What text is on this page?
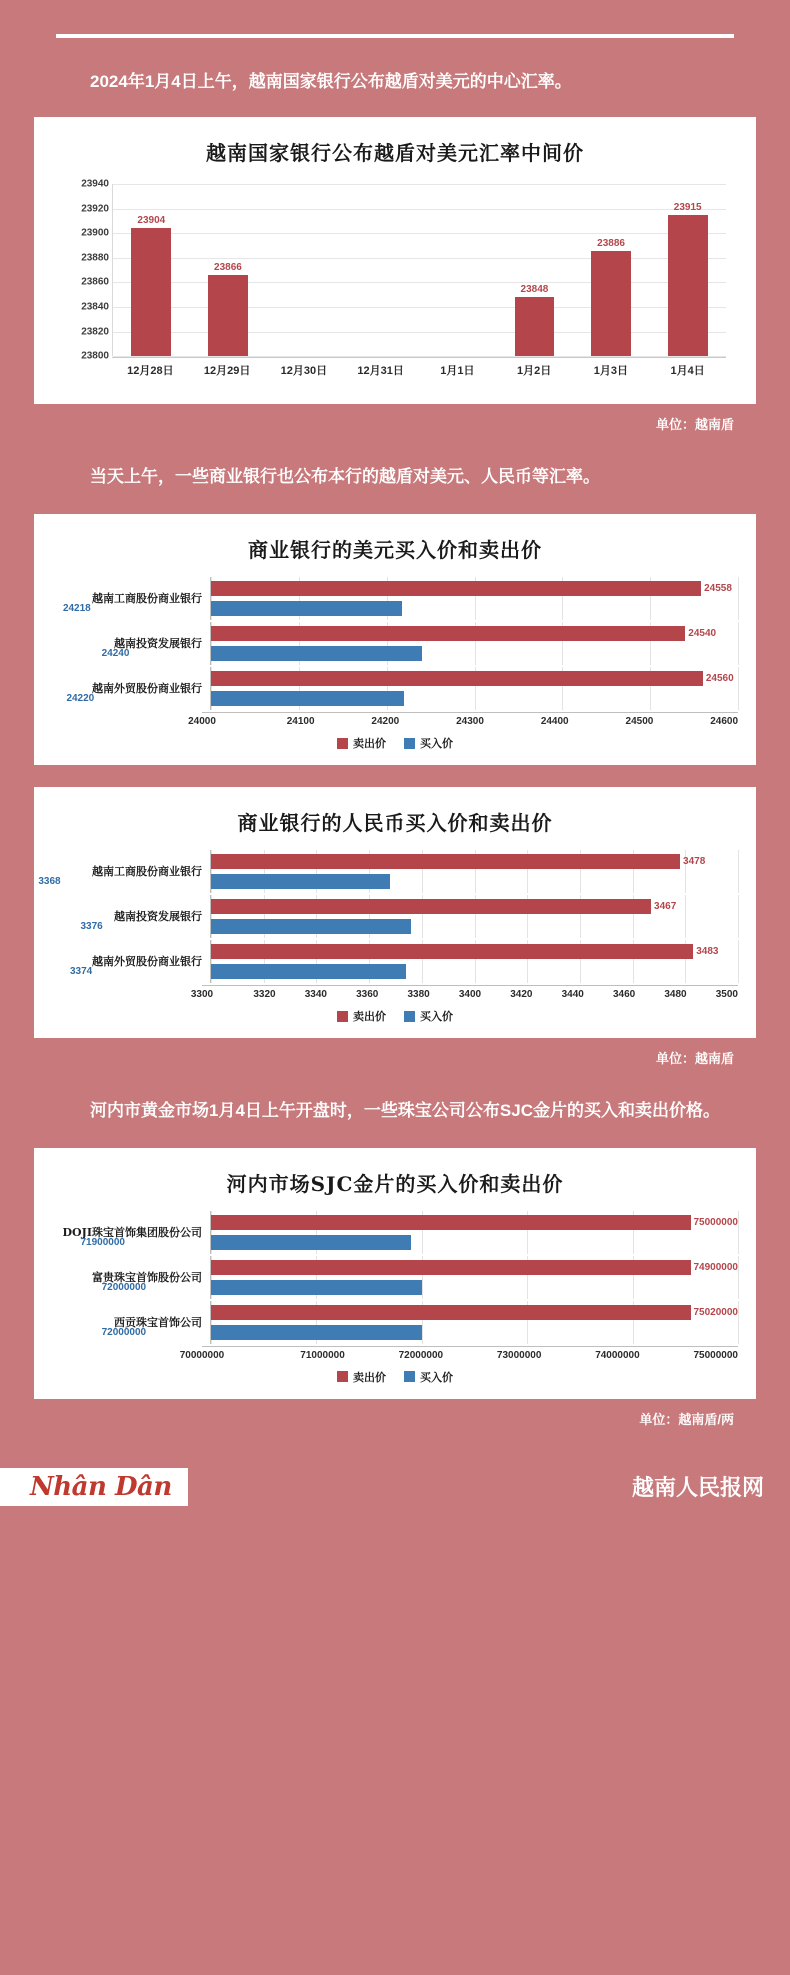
2024年1月4日上午，越南国家银行公布越盾对美元的中心汇率。
越南国家银行公布越盾对美元汇率中间价
23800
23820
23840
23860
23880
23900
23920
23940
23904
23866
23848
23886
23915
12月28日	12月29日	12月30日	12月31日	1月1日	1月2日	1月3日	1月4日
单位：越南盾
当天上午，一些商业银行也公布本行的越盾对美元、人民币等汇率。
商业银行的美元买入价和卖出价
越南工商股份商业银行
24558
24218
越南投资发展银行
24540
24240
越南外贸股份商业银行
24560
24220
24000	24100	24200	24300	24400	24500	24600
卖出价	买入价
商业银行的人民币买入价和卖出价
越南工商股份商业银行
3478
3368
越南投资发展银行
3467
3376
越南外贸股份商业银行
3483
3374
3300	3320	3340	3360	3380	3400	3420	3440	3460	3480	3500
卖出价	买入价
单位：越南盾
河内市黄金市场1月4日上午开盘时，一些珠宝公司公布SJC金片的买入和卖出价格。
河内市场SJC金片的买入价和卖出价
DOJI珠宝首饰集团股份公司
75000000
71900000
富贵珠宝首饰股份公司
74900000
72000000
西贡珠宝首饰公司
75020000
72000000
70000000	71000000	72000000	73000000	74000000	75000000
卖出价	买入价
单位：越南盾/两
Nhân Dân	越南人民报网
